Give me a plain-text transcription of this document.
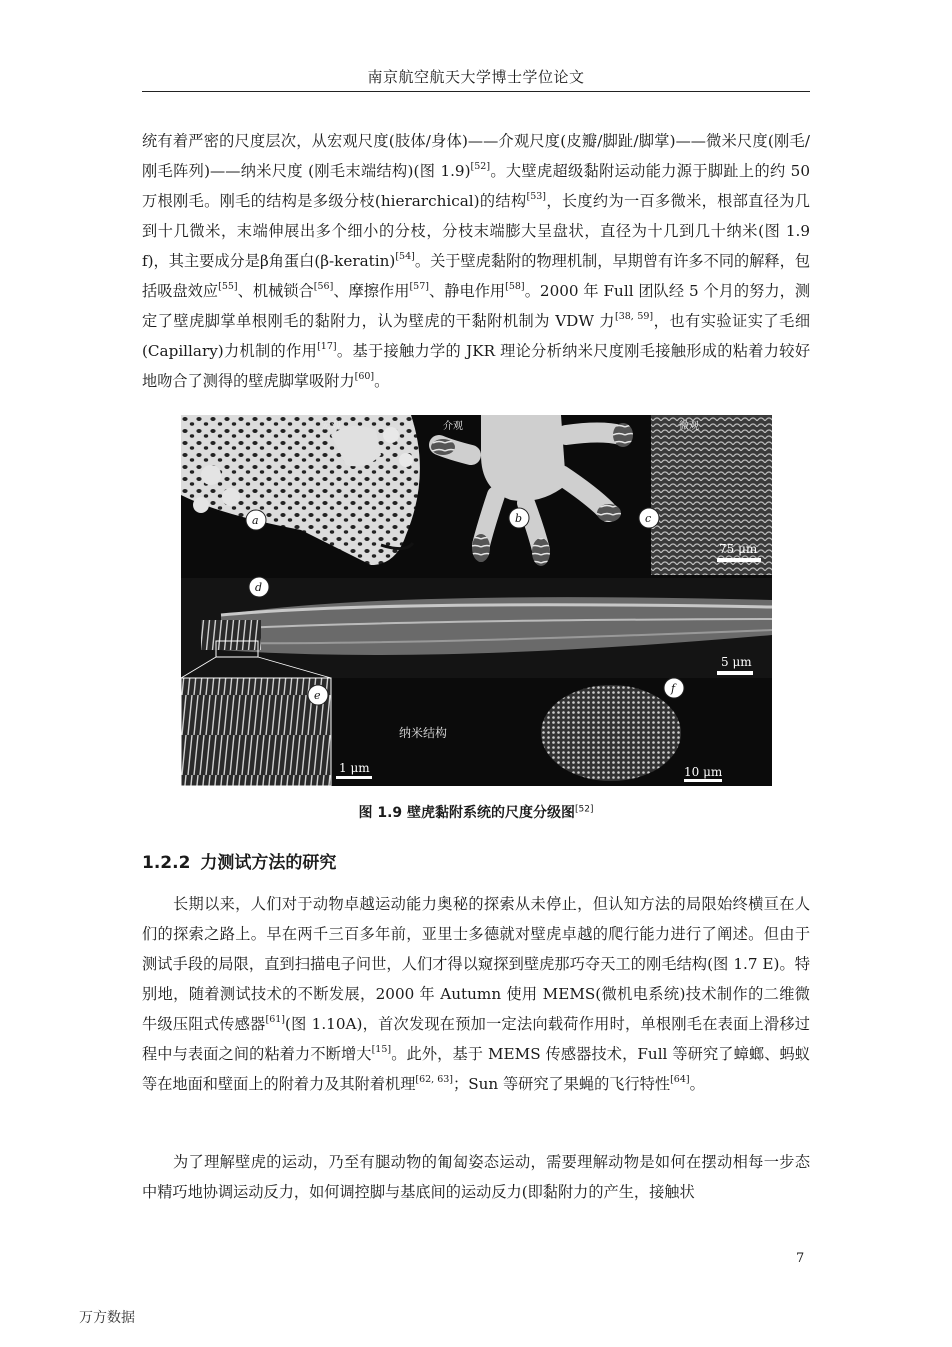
南京航空航天大学博士学位论文
统有着严密的尺度层次，从宏观尺度(肢体/身体)——介观尺度(皮瓣/脚趾/脚掌)——微米尺度(刚毛/刚毛阵列)——纳米尺度 (刚毛末端结构)(图 1.9)[52]。大壁虎超级黏附运动能力源于脚趾上的约 50 万根刚毛。刚毛的结构是多级分枝(hierarchical)的结构[53]，长度约为一百多微米，根部直径为几到十几微米，末端伸展出多个细小的分枝，分枝末端膨大呈盘状，直径为十几到几十纳米(图 1.9 f)，其主要成分是β角蛋白(β-keratin)[54]。关于壁虎黏附的物理机制，早期曾有许多不同的解释，包括吸盘效应[55]、机械锁合[56]、摩擦作用[57]、静电作用[58]。2000 年 Full 团队经 5 个月的努力，测定了壁虎脚掌单根刚毛的黏附力，认为壁虎的干黏附机制为 VDW 力[38, 59]，也有实验证实了毛细(Capillary)力机制的作用[17]。基于接触力学的 JKR 理论分析纳米尺度刚毛接触形成的粘着力较好地吻合了测得的壁虎脚掌吸附力[60]。
宏观	介观	微观
a	b	c
d
e
f
75 μm
5 μm
1 μm	10 μm
纳米结构
图 1.9 壁虎黏附系统的尺度分级图[52]
1.2.2 力测试方法的研究
长期以来，人们对于动物卓越运动能力奥秘的探索从未停止，但认知方法的局限始终横亘在人们的探索之路上。早在两千三百多年前，亚里士多德就对壁虎卓越的爬行能力进行了阐述。但由于测试手段的局限，直到扫描电子问世，人们才得以窥探到壁虎那巧夺天工的刚毛结构(图 1.7 E)。特别地，随着测试技术的不断发展，2000 年 Autumn 使用 MEMS(微机电系统)技术制作的二维微牛级压阻式传感器[61](图 1.10A)，首次发现在预加一定法向载荷作用时，单根刚毛在表面上滑移过程中与表面之间的粘着力不断增大[15]。此外，基于 MEMS 传感器技术，Full 等研究了蟑螂、蚂蚁等在地面和壁面上的附着力及其附着机理[62, 63]；Sun 等研究了果蝇的飞行特性[64]。
为了理解壁虎的运动，乃至有腿动物的匍匐姿态运动，需要理解动物是如何在摆动相每一步态中精巧地协调运动反力，如何调控脚与基底间的运动反力(即黏附力的产生，接触状
7
万方数据
